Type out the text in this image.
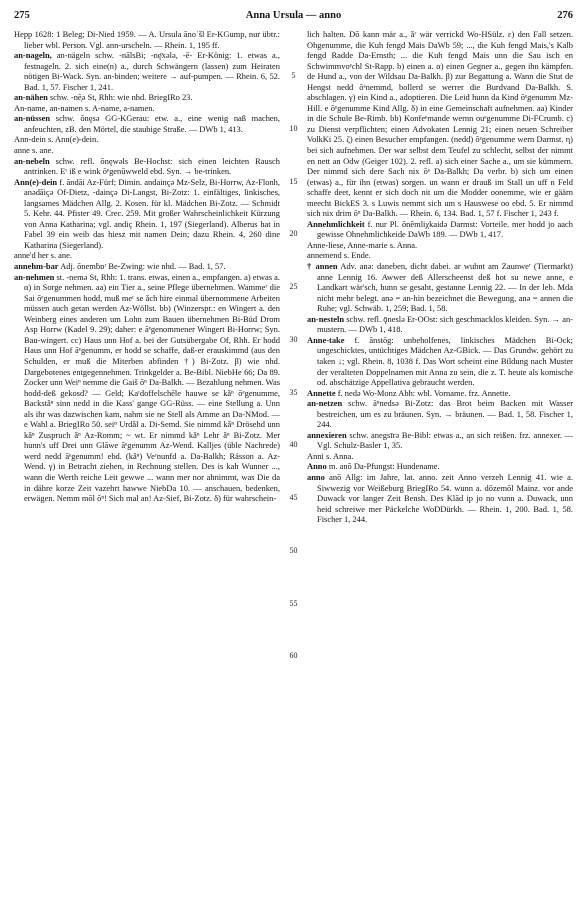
275	Anna Ursula — anno	276

Hepp 1628: 1 Beleg; Di-Nied 1959. — A. Ursula ānoʿšl Er-KGump, nur übtr.: lieber wbl. Person. Vgl. ann-urscheln. — Rhein. 1, 195 ff.

an-nageln, an-nägeln schw. -nālsBi; -nę̄xələ, -ē- Er-König: 1. etwas a., festnageln. 2. sich eine(n) a., durch Schwängern (lassen) zum Heiraten nötigen Bi-Wack. Syn. an-binden; weitere → auf-pumpen. — Rhein. 6, 52. Bad. 1, 57. Fischer 1, 241.

an-nähen schw. -nē̜ə St, Rhh: wie nhd. BriegIRo 23.

An-name, an-namen s. A-name, a-namen.

an-nüssen schw. ōnęsə GG-KGerau: etw. a., eine wenig naß machen, anfeuchten, zB. den Mörtel, die staubige Straße. — DWb 1, 413.

Ann-dein s. Ann(e)-dein.

anne s. ane.

an-nebeln schw. refl. ōnęwəls Be-Hochst: sich einen leichten Rausch antrinken. Eʳ iß e wink ōᵉgenūwweld ebd. Syn. → be-trinken.

Ann(e)-dein f. āndāi Az-Fürf; Dimin. andainçə Mz-Selz, Bi-Horrw, Az-Flonh, anədāiçə Of-Dietz, -dainçə Di-Langst, Bi-Zotz: 1. einfältiges, linkisches, langsames Mädchen Allg. 2. Kosen. für kl. Mädchen Bi-Zotz. — Schmidt 5. Kehr. 44. Pfister 49. Crec. 259. Mit großer Wahrscheinlichkeit Kürzung von Anna Katharina; vgl. andiç Rhein. 1, 197 (Siegerland). Alberus hat in Fabel 39 ein weib das hiesz mit namen Dein; dazu Rhein. 4, 260 dine Katharina (Siegerland).

anne'd her s. ane.

annehm-bar Adj. ōnemḃɒʳ Be-Zwing: wie nhd. — Bad. 1, 57.

an-nehmen st. -nemə St, Rhh: 1. trans. etwas, einen a., empfangen. a) etwas a. α) in Sorge nehmen. aa) ein Tier a., seine Pflege übernehmen. Wammeʳ die Sai ōᵉgenummen hodd, muß meʳ se ǎch hire einmal übernommene Arbeiten müssen auch getan werden Az-Wöllst. bb) (Winzerspr.: en Wingert a. den Weinberg eines anderen um Lohn zum Bauen übernehmen Bi-Büd Drom Asp Horrw (Kadel 9. 29); daher: e āᵉgenommener Wingert Bi-Horrw; Syn. Bau-wingert. cc) Haus unn Hof a. bei der Gutsübergabe Of, Rhh. Er hodd Haus unn Hof āᵉgenumm, er hodd se schaffe, daß-er erauskimmd (aus den Schulden, er muß die Miterben abfinden †) Bi-Zotz. β) wie nhd. Dargebotenes entgegennehmen. Trinkgelder a. Be-Bibl. NiebHe 66; Da 89. Zocker unn Weiⁿ nemme die Gaiš ōⁿ Da-Balkh. — Bezahlung nehmen. Was hodd-deß gekosd? — Geld; Kaʳdoffelschēle hauwe se kǎⁿ ōᵉgenumme, Backstǎⁿ sinn nedd in die Kass' gange GG-Rüss. — eine Stellung a. Unn als ihr was dazwischen kam, nahm sie ne Stell als Amme an Da-NMod. — e Wahl a. BriegIRo 50. seiⁿ Urdǎl a. Di-Semd. Sie nimmd kǎⁿ Drösehd unn kǎⁿ Zuspruch ǎⁿ Az-Romm; ~ wt. Er nimmd kǎⁿ Lehr ǎⁿ Bi-Zotz. Mer hunn's uff Drei unn Glāwe āᵉgenumm Az-Wend. Kalljes (üble Nachrede) werd nedd āᵉgenumm! ebd. (kǎⁿ) Veʳnunfd a. Da-Balkh; Rässon a. Az-Wend. γ) in Betracht ziehen, in Rechnung stellen. Des is kah Wunner ..., wann die Werth reiche Leit gewwe ... wann mer nor ahnimmt, was Die da in dähre korze Zeit vazehrt hawwe NiebDa 10. — anschauen, bedenken, erwägen. Nemm mōl ōⁿ! Sich mal an! Az-Sief, Bi-Zotz. δ) für wahrschein-

5
10
15
20
25
30
35
40
45
50
55
60

lich halten. Dō kann mär a., ǎʳ wär verrickd Wo-HSülz. ε) den Fall setzen. Ohgenumme, die Kuh fengd Mais DaWb 59; ..., die Kuh fengd Mais,'s Kalb fengd Radde Da-Ernsth; ... die Kuh fengd Mais unn die Sau isch en Schwimmvoᵉchl St-Rapp. b) einen a. α) einen Gegner a., gegen ihn kämpfen. de Hund a., von der Wildsau Da-Balkh. β) zur Begattung a. Wann die Stut de Hengst nedd ōᵉnemmd, bollerd se werrer die Burdvand Da-Balkh. S. abschlagen. γ) ein Kind a., adoptieren. Die Leid hunn da Kind ōᵉgenumm Mz-Hill. e ōᵉgenumme Kind Allg. δ) in eine Gemeinschaft aufnehmen. aa) Kinder in die Schule Be-Rimb. bb) Konfeᵉmande wernn ouᵉgenumme Di-FCrumb. c) zu Dienst verpflichten; einen Advokaten Lennig 21; einen neuen Schreiber VolkKi 25. ζ) einen Besucher empfangen. (nedd) ōᵉgenumme wern Darmst. η) bei sich aufnehmen. Der war selbst dem Teufel zu schlecht, selbst der nimmt en nett an Odw (Geiger 102). 2. refl. a) sich einer Sache a., um sie kümmern. Der nimmd sich dere Sach nix ōᵉ Da-Balkh; Da verbr. b) sich um einen (etwas) a., für ihn (etwas) sorgen. un wann er drauß im Stall un uff n Feld schaffe deet, kennt er sich doch nit um die Modder oonemme, wie er gäärn meecht BickES 3. s Luwis nemmt sich um s Hauswese oo ebd. 5. Er nimmd sich nix drim ōⁿ Da-Balkh. — Rhein. 6, 134. Bad. 1, 57 f. Fischer 1, 243 f.

Annehmlichkeit f. nur Pl. ōnēmliχkaidə Darmst: Vorteile. mer hodd jo aach gewisse Ohnehmlichkeide DaWb 189. — DWb 1, 417.

Anne-liese, Anne-marie s. Anna.

annemend s. Ende.

† annen Adv. anə: daneben, dicht dabei. ar wuhnt am Zaunweʳ (Tiermarkt) anne Lennig 16. Awwer deß Allerscheenst deß hot su newe anne, e Landkart wär'sch, hunn se gesaht, gestanne Lennig 22. — In der leb. Mda nicht mehr belegt. anə = an-hin bezeichnet die Bewegung, anə = annen die Ruhe; vgl. Schwäb. 1, 259; Bad. 1, 58.

an-nesteln schw. refl. ǭneslə Er-OOst: sich geschmacklos kleiden. Syn. → an-mustern. — DWb 1, 418.

Anne-take f. ānstōg: unbeholfenes, linkisches Mädchen Bi-Ock; ungeschicktes, untüchtiges Mädchen Az-GBick. — Das Grundw. gehört zu taken ↓; vgl. Rhein. 8, 1038 f. Das Wort scheint eine Bildung nach Muster der veralteten Doppelnamen mit Anna zu sein, die z. T. heute als komische od. abschätzige Appellativa gebraucht werden.

Annette f. nedə Wo-Monz Abh: wbl. Vorname. frz. Annette.

an-netzen schw. āⁿnedsə Bi-Zotz: das Brot beim Backen mit Wasser bestreichen, um es zu bräunen. Syn. → bräunen. — Bad. 1, 58. Fischer 1, 244.

annexieren schw. anegsīrə Be-Bibl: etwas a., an sich reißen. frz. annexer. — Vgl. Schulz-Basler 1, 35.

Anni s. Anna.

Anno m. anō Da-Pfungst: Hundename.

anno anō Allg: im Jahre, lat. anno. zeit Anno verzeh Lennig 41. wie a. Siwwezig vor Weißeburg BriegIRo 54. wunn a. dōzemōl Mainz. vor ande Duwack vor langer Zeit Bensh. Des Klād ip jo no vunn a. Duwack, unn heid schreiwe mer Päckelche WoDDürkh. — Rhein. 1, 200. Bad. 1, 58. Fischer 1, 244.
